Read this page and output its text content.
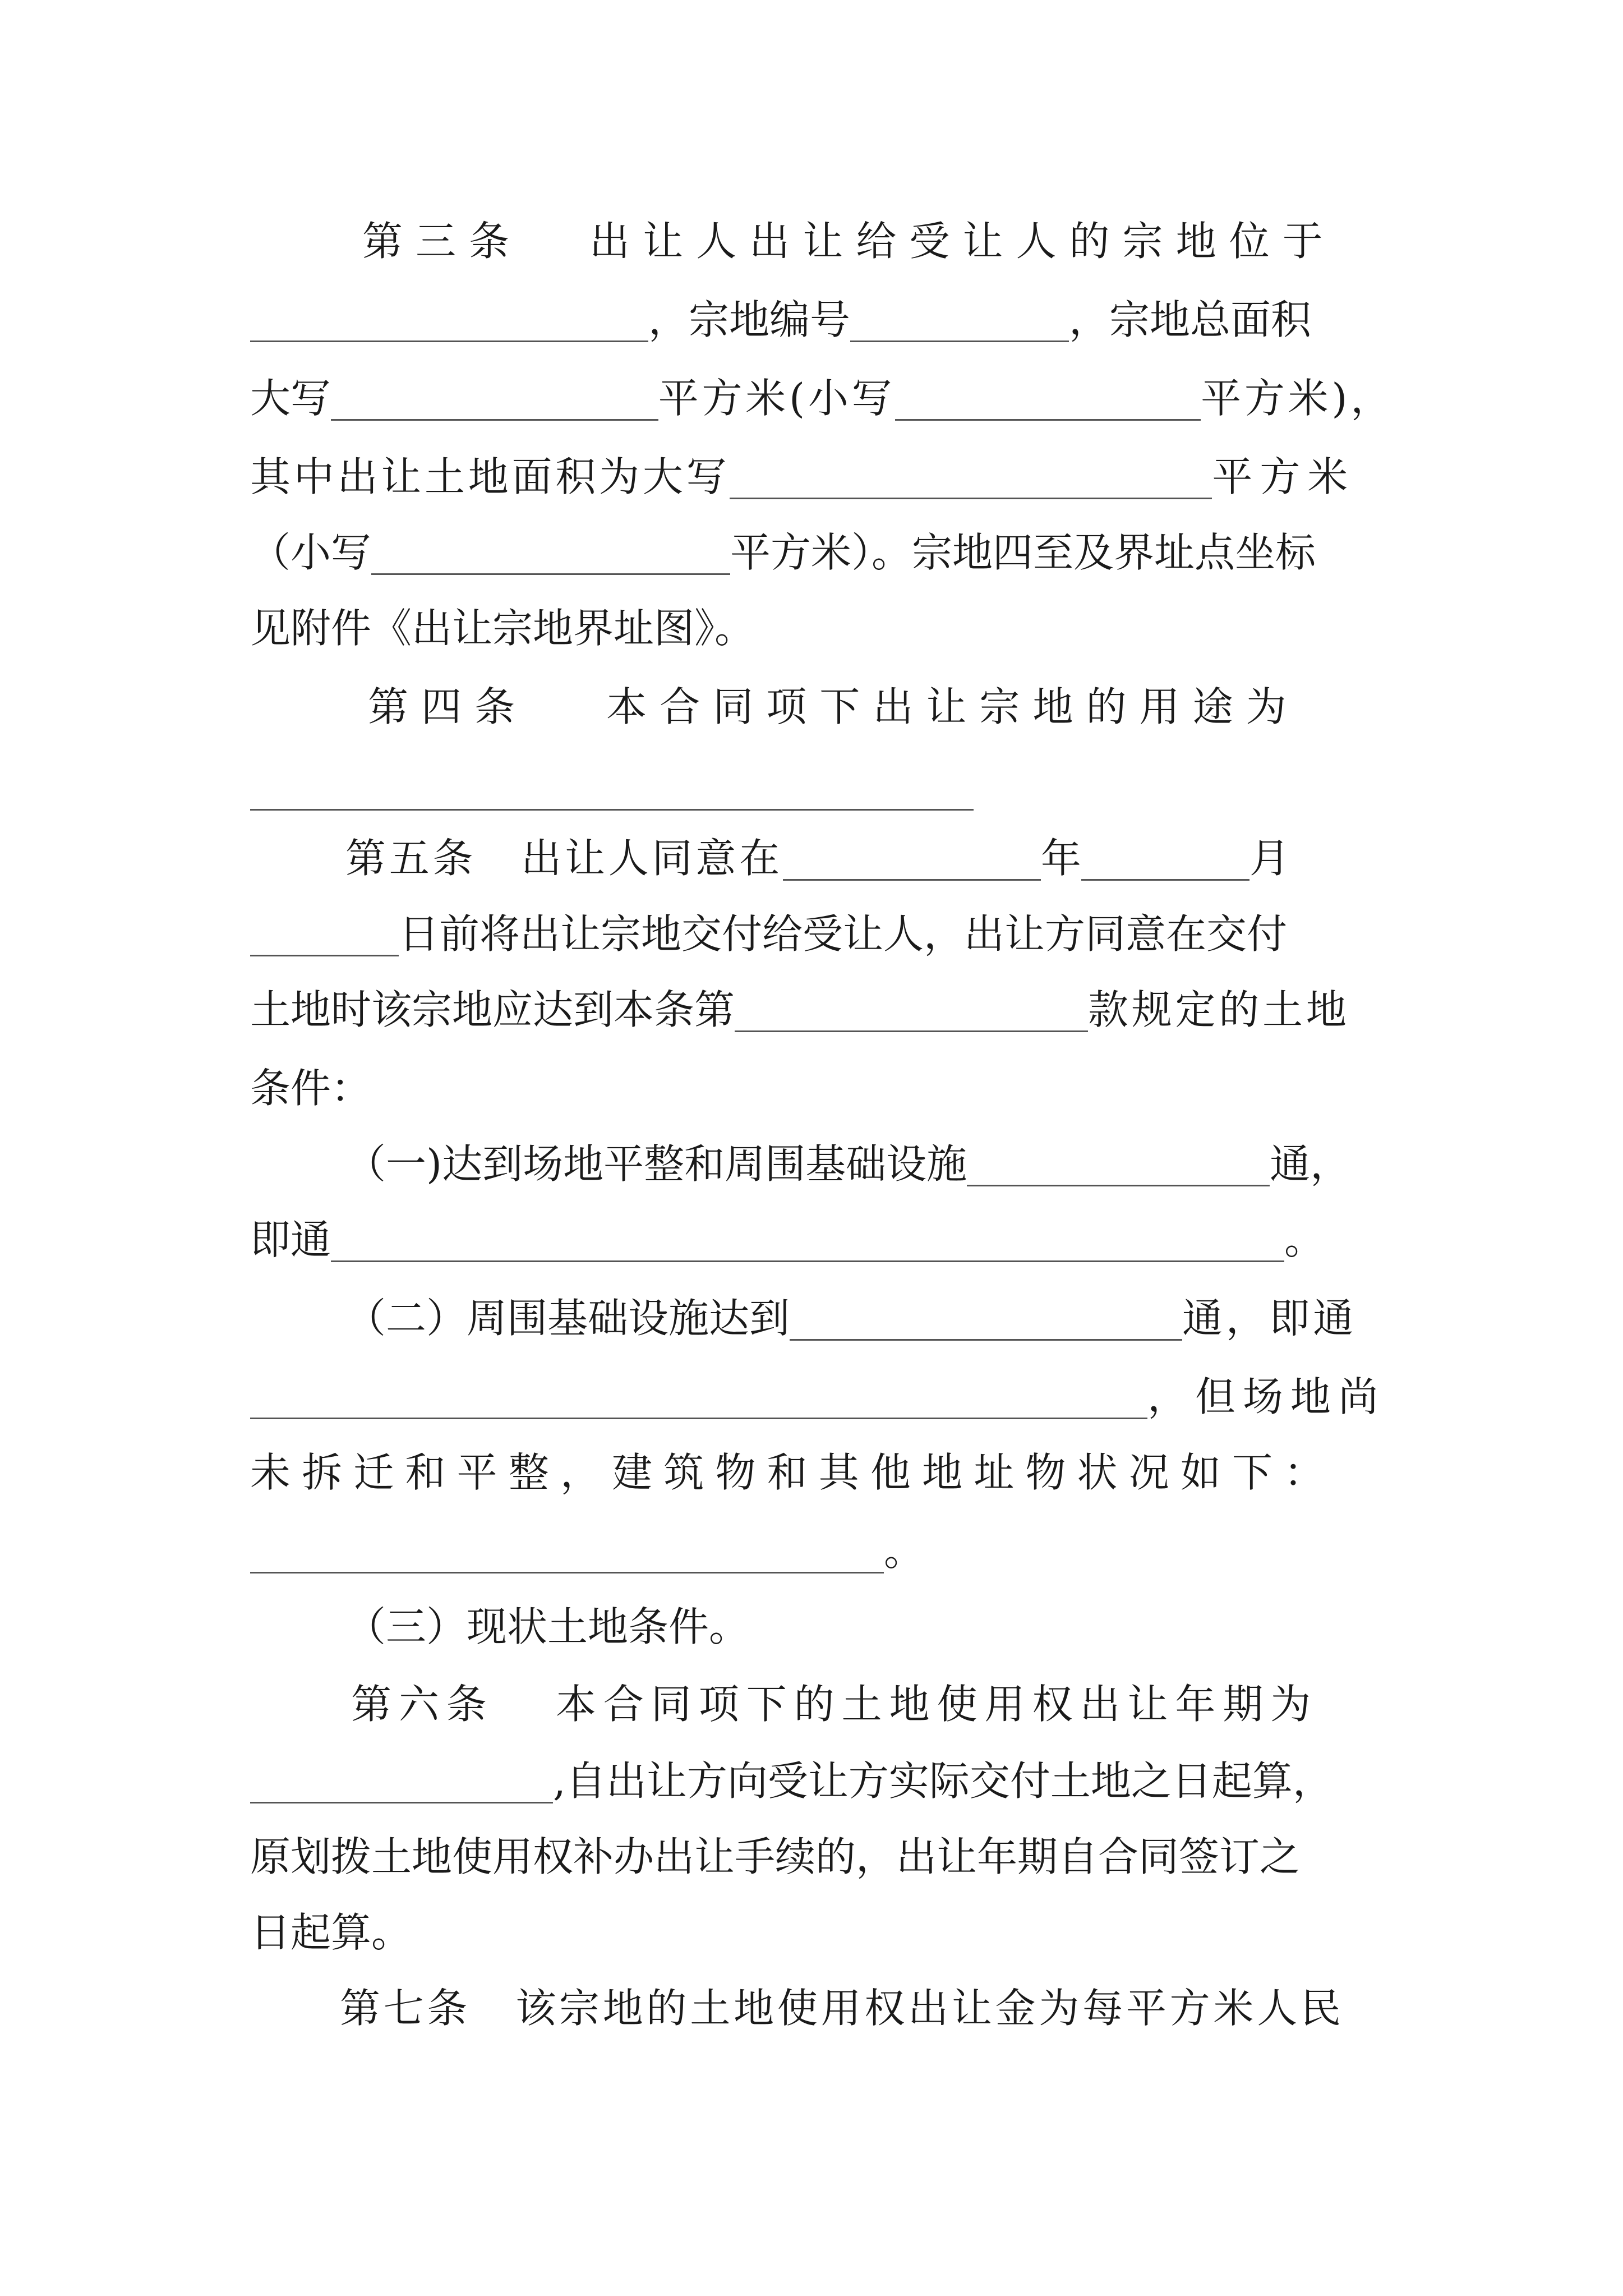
第三条 出让人出让给受让人的宗地位于
，宗地编号	，宗地总面积
大写	平方米(小写	平方米)，
其中出让土地面积为大写	平方米
（小写	平方米）。宗地四至及界址点坐标
见附件《出让宗地界址图》。
第四条 本合同项下出让宗地的用途为
第五条 出让人同意在	年	月
日前将出让宗地交付给受让人，出让方同意在交付
土地时该宗地应达到本条第	款规定的土地
条件：
（一)达到场地平整和周围基础设施	通，
即通	。
（二）周围基础设施达到	通，即通
，但场地尚
未拆迁和平整，建筑物和其他地址物状况如下：
。
（三）现状土地条件。
第六条 本合同项下的土地使用权出让年期为
,自出让方向受让方实际交付土地之日起算，
原划拨土地使用权补办出让手续的，出让年期自合同签订之
日起算。
第七条 该宗地的土地使用权出让金为每平方米人民
